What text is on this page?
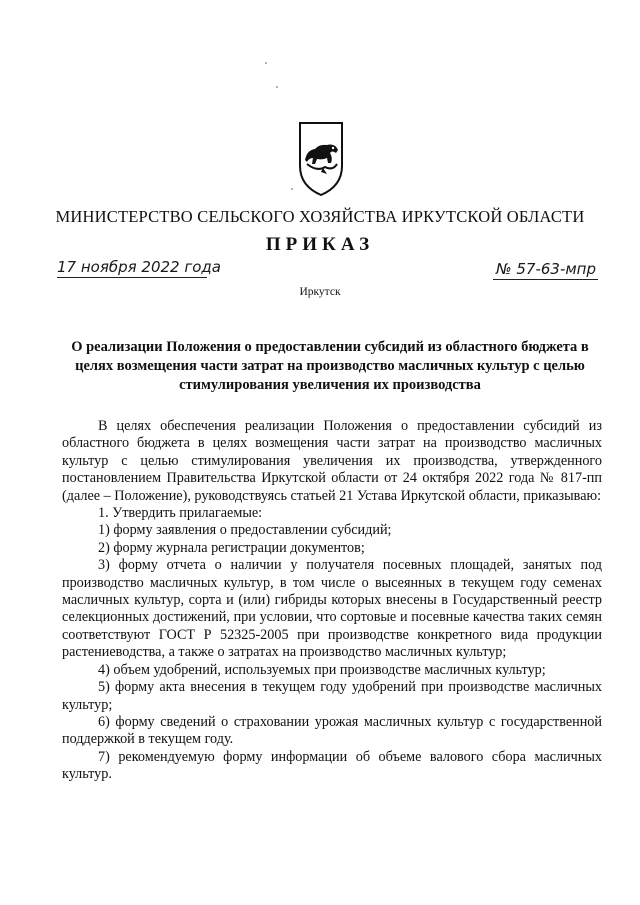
МИНИСТЕРСТВО СЕЛЬСКОГО ХОЗЯЙСТВА ИРКУТСКОЙ ОБЛАСТИ
ПРИКАЗ
17 ноября 2022 года	№ 57-63-мпр
Иркутск
О реализации Положения о предоставлении субсидий из областного бюджета в
целях возмещения части затрат на производство масличных культур с целью
стимулирования увеличения их производства

В целях обеспечения реализации Положения о предоставлении субсидий из областного бюджета в целях возмещения части затрат на производство масличных культур с целью стимулирования увеличения их производства, утвержденного постановлением Правительства Иркутской области от 24 октября 2022 года № 817-пп (далее – Положение), руководствуясь статьей 21 Устава Иркутской области, приказываю:

1. Утвердить прилагаемые:

1) форму заявления о предоставлении субсидий;

2) форму журнала регистрации документов;

3) форму отчета о наличии у получателя посевных площадей, занятых под производство масличных культур, в том числе о высеянных в текущем году семенах масличных культур, сорта и (или) гибриды которых внесены в Государственный реестр селекционных достижений, при условии, что сортовые и посевные качества таких семян соответствуют ГОСТ Р 52325-2005 при производстве конкретного вида продукции растениеводства, а также о затратах на производство масличных культур;

4) объем удобрений, используемых при производстве масличных культур;

5) форму акта внесения в текущем году удобрений при производстве масличных культур;

6) форму сведений о страховании урожая масличных культур с государственной поддержкой в текущем году.

7) рекомендуемую форму информации об объеме валового сбора масличных культур.
